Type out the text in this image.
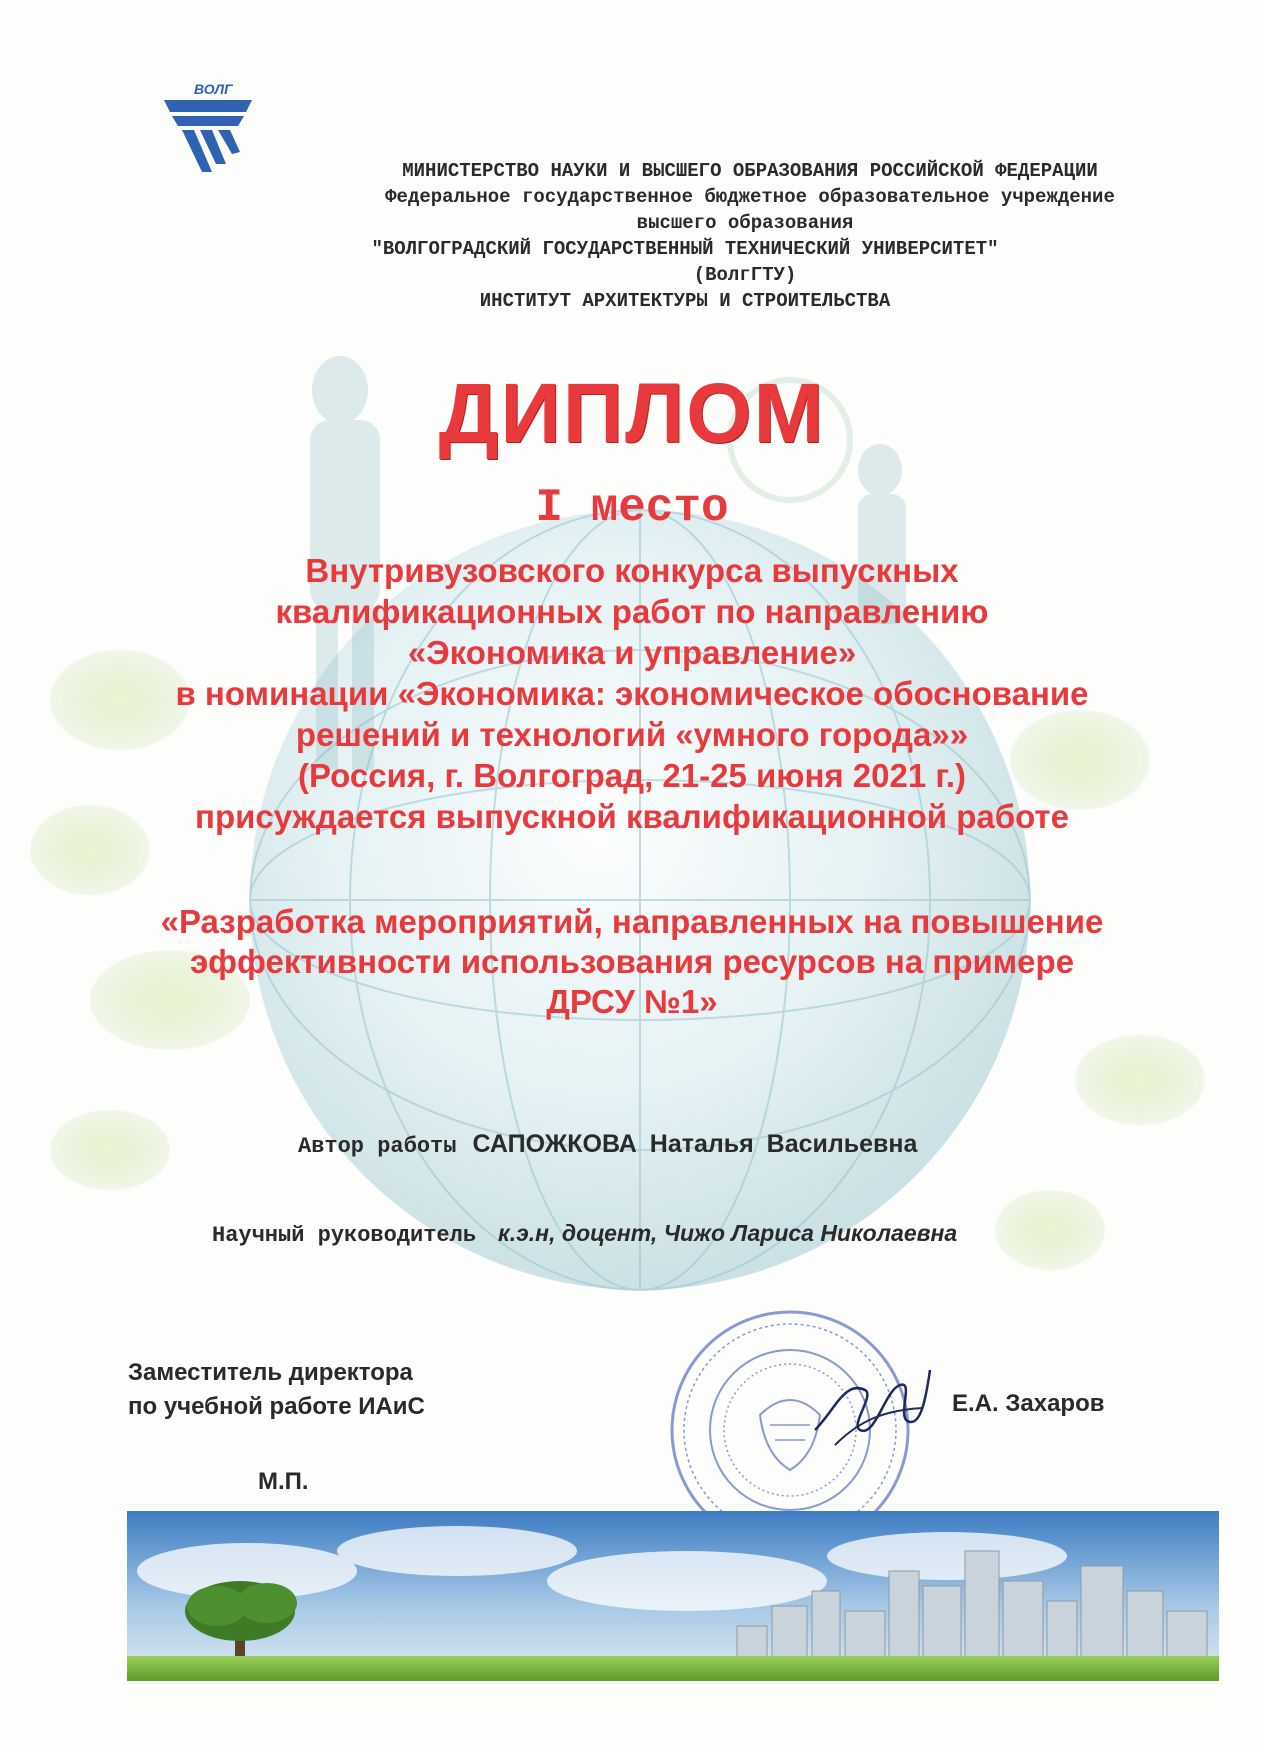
ВОЛГ
МИНИСТЕРСТВО НАУКИ И ВЫСШЕГО ОБРАЗОВАНИЯ РОССИЙСКОЙ ФЕДЕРАЦИИ
Федеральное государственное бюджетное образовательное учреждение
высшего образования
"ВОЛГОГРАДСКИЙ ГОСУДАРСТВЕННЫЙ ТЕХНИЧЕСКИЙ УНИВЕРСИТЕТ"
(ВолгГТУ)
ИНСТИТУТ АРХИТЕКТУРЫ И СТРОИТЕЛЬСТВА
ДИПЛОМ
I место
Внутривузовского конкурса выпускных
квалификационных работ по направлению
«Экономика и управление»
в номинации «Экономика: экономическое обоснование
решений и технологий «умного города»»
(Россия, г. Волгоград, 21-25 июня 2021 г.)
присуждается выпускной квалификационной работе
«Разработка мероприятий, направленных на повышение
эффективности использования ресурсов на примере
ДРСУ №1»
Автор работы САПОЖКОВА Наталья Васильевна
Научный руководитель к.э.н, доцент, Чижо Лариса Николаевна
Заместитель директора
по учебной работе ИАиС	Е.А. Захаров
М.П.
